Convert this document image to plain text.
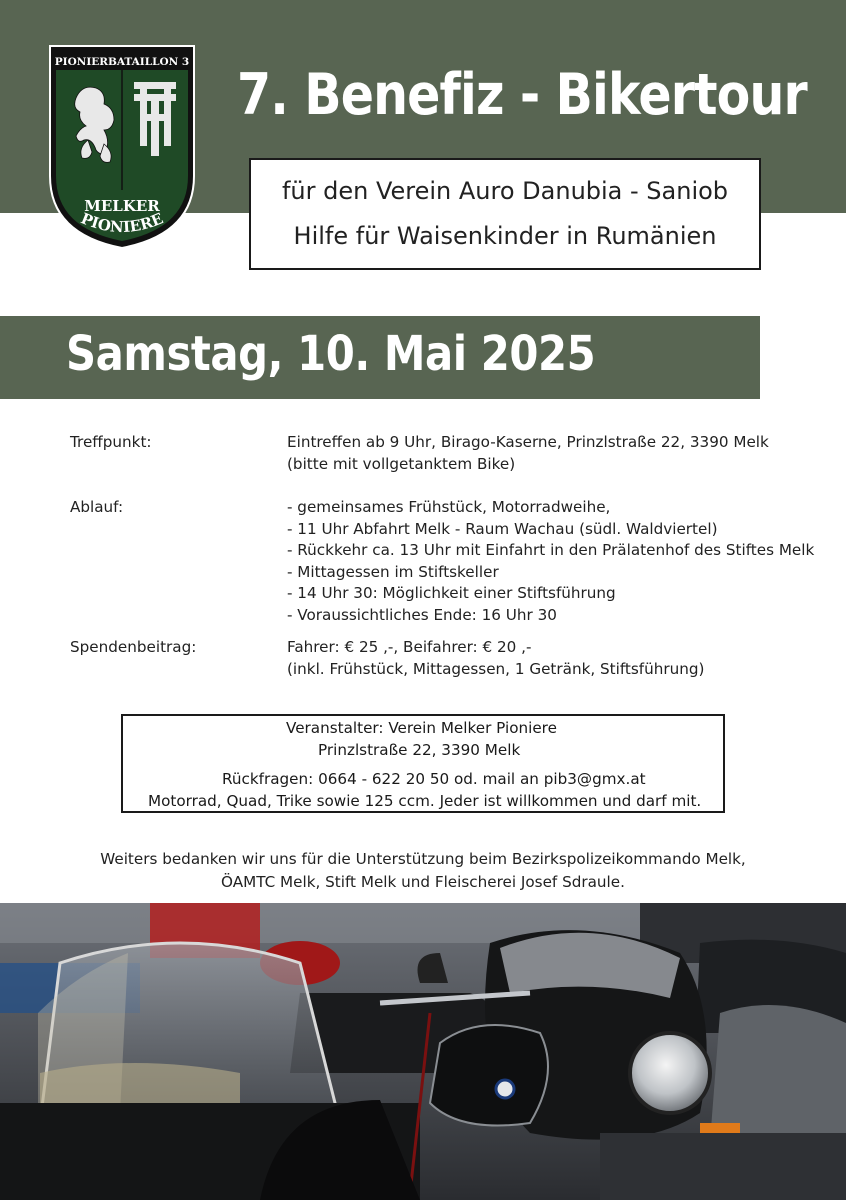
PIONIERBATAILLON 3
MELKER
PIONIERE
7. Benefiz - Bikertour
für den Verein Auro Danubia - Saniob
Hilfe für Waisenkinder in Rumänien
Samstag, 10. Mai 2025
Treffpunkt:	Eintreffen ab 9 Uhr, Birago-Kaserne, Prinzlstraße 22, 3390 Melk
(bitte mit vollgetanktem Bike)
Ablauf:	- gemeinsames Frühstück, Motorradweihe,
- 11 Uhr Abfahrt Melk - Raum Wachau (südl. Waldviertel)
- Rückkehr ca. 13 Uhr mit Einfahrt in den Prälatenhof des Stiftes Melk
- Mittagessen im Stiftskeller
- 14 Uhr 30: Möglichkeit einer Stiftsführung
- Voraussichtliches Ende: 16 Uhr 30
Spendenbeitrag:	Fahrer: € 25 ,-, Beifahrer: € 20 ,-
(inkl. Frühstück, Mittagessen, 1 Getränk, Stiftsführung)
Veranstalter: Verein Melker Pioniere
Prinzlstraße 22, 3390 Melk
Rückfragen: 0664 - 622 20 50 od. mail an pib3@gmx.at
Motorrad, Quad, Trike sowie 125 ccm. Jeder ist willkommen und darf mit.
Weiters bedanken wir uns für die Unterstützung beim Bezirkspolizeikommando Melk,
ÖAMTC Melk, Stift Melk und Fleischerei Josef Sdraule.
